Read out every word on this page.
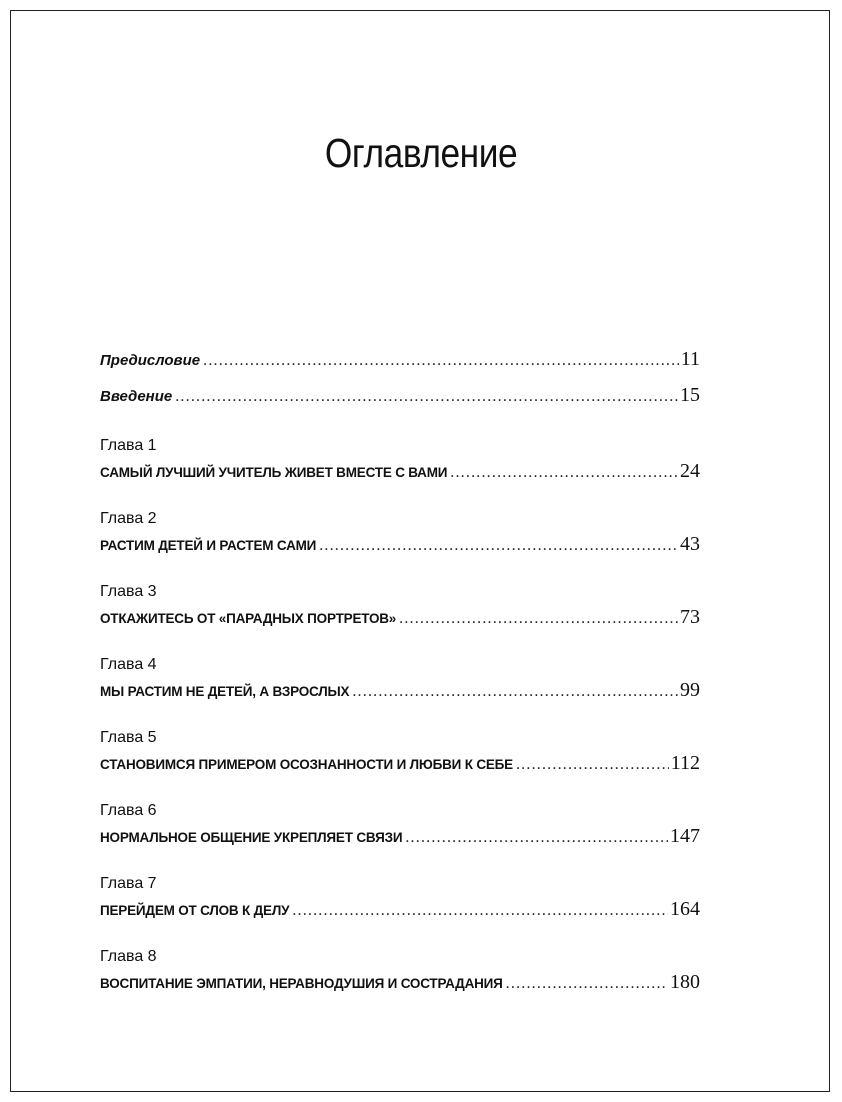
Оглавление
Предисловие .....	11
Введение .....	15
Глава 1
САМЫЙ ЛУЧШИЙ УЧИТЕЛЬ ЖИВЕТ ВМЕСТЕ С ВАМИ .....	24
Глава 2
РАСТИМ ДЕТЕЙ И РАСТЕМ САМИ .....	43
Глава 3
ОТКАЖИТЕСЬ ОТ «ПАРАДНЫХ ПОРТРЕТОВ» .....	73
Глава 4
МЫ РАСТИМ НЕ ДЕТЕЙ, А ВЗРОСЛЫХ .....	99
Глава 5
СТАНОВИМСЯ ПРИМЕРОМ ОСОЗНАННОСТИ И ЛЮБВИ К СЕБЕ .....	112
Глава 6
НОРМАЛЬНОЕ ОБЩЕНИЕ УКРЕПЛЯЕТ СВЯЗИ .....	147
Глава 7
ПЕРЕЙДЕМ ОТ СЛОВ К ДЕЛУ .....	164
Глава 8
ВОСПИТАНИЕ ЭМПАТИИ, НЕРАВНОДУШИЯ И СОСТРАДАНИЯ .....	180
